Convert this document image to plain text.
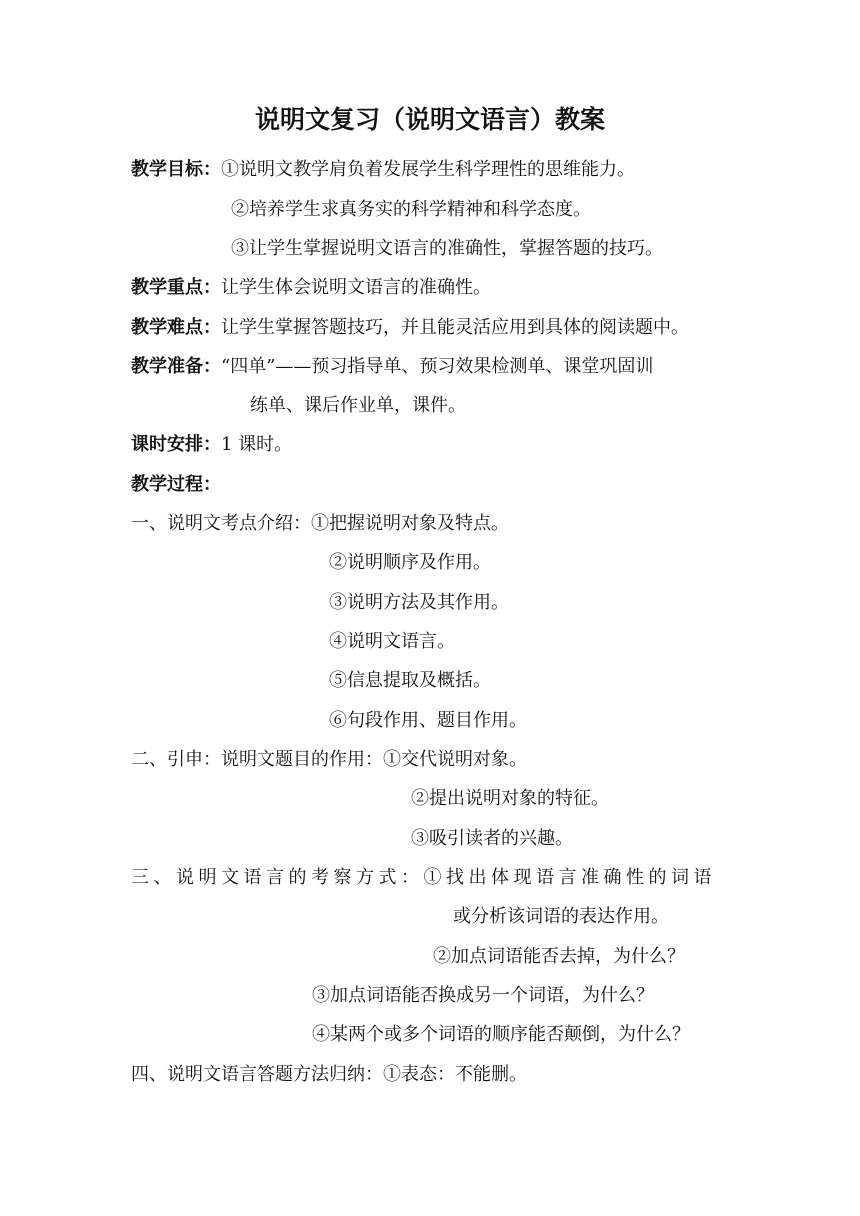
说明文复习（说明文语言）教案
教学目标：①说明文教学肩负着发展学生科学理性的思维能力。
②培养学生求真务实的科学精神和科学态度。
③让学生掌握说明文语言的准确性，掌握答题的技巧。
教学重点：让学生体会说明文语言的准确性。
教学难点：让学生掌握答题技巧，并且能灵活应用到具体的阅读题中。
教学准备：“四单”——预习指导单、预习效果检测单、课堂巩固训
练单、课后作业单，课件。
课时安排：1 课时。
教学过程：
一、说明文考点介绍：①把握说明对象及特点。
②说明顺序及作用。
③说明方法及其作用。
④说明文语言。
⑤信息提取及概括。
⑥句段作用、题目作用。
二、引申：说明文题目的作用：①交代说明对象。
②提出说明对象的特征。
③吸引读者的兴趣。
三、说明文语言的考察方式：①找出体现语言准确性的词语
或分析该词语的表达作用。
②加点词语能否去掉，为什么？
③加点词语能否换成另一个词语，为什么？
④某两个或多个词语的顺序能否颠倒，为什么？
四、说明文语言答题方法归纳：①表态：不能删。
